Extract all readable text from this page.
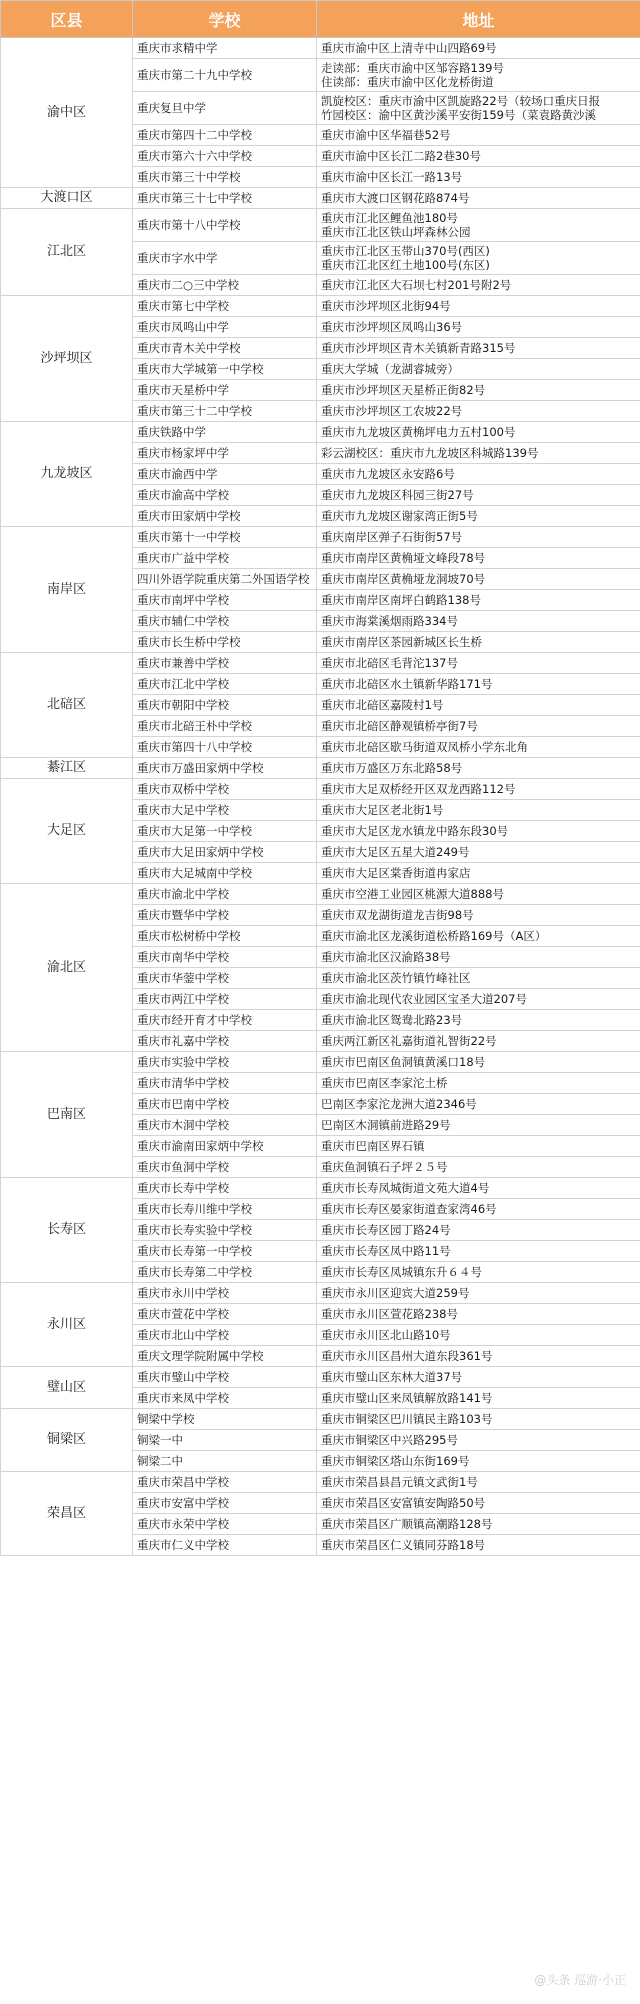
区县	学校	地址
渝中区	重庆市求精中学	重庆市渝中区上清寺中山四路69号

	重庆市第二十九中学校	走读部：重庆市渝中区邹容路139号
住读部：重庆市渝中区化龙桥街道

	重庆复旦中学	凯旋校区：重庆市渝中区凯旋路22号（较场口重庆日报
竹园校区：渝中区黄沙溪平安街159号（菜袁路黄沙溪

	重庆市第四十二中学校	重庆市渝中区华福巷52号

	重庆市第六十六中学校	重庆市渝中区长江二路2巷30号

	重庆市第三十中学校	重庆市渝中区长江一路13号

大渡口区	重庆市第三十七中学校	重庆市大渡口区钢花路874号

江北区	重庆市第十八中学校	重庆市江北区鲤鱼池180号
重庆市江北区铁山坪森林公园

	重庆市字水中学	重庆市江北区玉带山370号(西区)
重庆市江北区红土地100号(东区)

	重庆市二○三中学校	重庆市江北区大石坝七村201号附2号

沙坪坝区	重庆市第七中学校	重庆市沙坪坝区北街94号

	重庆市凤鸣山中学	重庆市沙坪坝区凤鸣山36号

	重庆市青木关中学校	重庆市沙坪坝区青木关镇新青路315号

	重庆市大学城第一中学校	重庆大学城（龙湖睿城旁）

	重庆市天星桥中学	重庆市沙坪坝区天星桥正街82号

	重庆市第三十二中学校	重庆市沙坪坝区工农坡22号

九龙坡区	重庆铁路中学	重庆市九龙坡区黄桷坪电力五村100号

	重庆市杨家坪中学	彩云湖校区：重庆市九龙坡区科城路139号

	重庆市渝西中学	重庆市九龙坡区永安路6号

	重庆市渝高中学校	重庆市九龙坡区科园三街27号

	重庆市田家炳中学校	重庆市九龙坡区谢家湾正街5号

南岸区	重庆市第十一中学校	重庆南岸区弹子石街街57号

	重庆市广益中学校	重庆市南岸区黄桷垭文峰段78号

	四川外语学院重庆第二外国语学校	重庆市南岸区黄桷垭龙洞坡70号

	重庆市南坪中学校	重庆市南岸区南坪白鹤路138号

	重庆市辅仁中学校	重庆市海棠溪烟雨路334号

	重庆市长生桥中学校	重庆市南岸区茶园新城区长生桥

北碚区	重庆市兼善中学校	重庆市北碚区毛背沱137号

	重庆市江北中学校	重庆市北碚区水土镇新华路171号

	重庆市朝阳中学校	重庆市北碚区嘉陵村1号

	重庆市北碚王朴中学校	重庆市北碚区静观镇桥亭街7号

	重庆市第四十八中学校	重庆市北碚区歇马街道双凤桥小学东北角

綦江区	重庆市万盛田家炳中学校	重庆市万盛区万东北路58号

大足区	重庆市双桥中学校	重庆市大足双桥经开区双龙西路112号

	重庆市大足中学校	重庆市大足区老北街1号

	重庆市大足第一中学校	重庆市大足区龙水镇龙中路东段30号

	重庆市大足田家炳中学校	重庆市大足区五星大道249号

	重庆市大足城南中学校	重庆市大足区棠香街道冉家店

渝北区	重庆市渝北中学校	重庆市空港工业园区桃源大道888号

	重庆市暨华中学校	重庆市双龙湖街道龙吉街98号

	重庆市松树桥中学校	重庆市渝北区龙溪街道松桥路169号（A区）

	重庆市南华中学校	重庆市渝北区汉渝路38号

	重庆市华蓥中学校	重庆市渝北区茨竹镇竹峰社区

	重庆市两江中学校	重庆市渝北现代农业园区宝圣大道207号

	重庆市经开育才中学校	重庆市渝北区鸳鸯北路23号

	重庆市礼嘉中学校	重庆两江新区礼嘉街道礼智街22号

巴南区	重庆市实验中学校	重庆市巴南区鱼洞镇黄溪口18号

	重庆市清华中学校	重庆市巴南区李家沱土桥

	重庆市巴南中学校	巴南区李家沱龙洲大道2346号

	重庆市木洞中学校	巴南区木洞镇前进路29号

	重庆市渝南田家炳中学校	重庆市巴南区界石镇

	重庆市鱼洞中学校	重庆鱼洞镇石子坪２５号

长寿区	重庆市长寿中学校	重庆市长寿凤城街道文苑大道4号

	重庆市长寿川维中学校	重庆市长寿区晏家街道查家湾46号

	重庆市长寿实验中学校	重庆市长寿区园丁路24号

	重庆市长寿第一中学校	重庆市长寿区凤中路11号

	重庆市长寿第二中学校	重庆市长寿区凤城镇东升６４号

永川区	重庆市永川中学校	重庆市永川区迎宾大道259号

	重庆市萱花中学校	重庆市永川区萱花路238号

	重庆市北山中学校	重庆市永川区北山路10号

	重庆文理学院附属中学校	重庆市永川区昌州大道东段361号

璧山区	重庆市璧山中学校	重庆市璧山区东林大道37号

	重庆市来凤中学校	重庆市璧山区来凤镇解放路141号

铜梁区	铜梁中学校	重庆市铜梁区巴川镇民主路103号

	铜梁一中	重庆市铜梁区中兴路295号

	铜梁二中	重庆市铜梁区塔山东街169号

荣昌区	重庆市荣昌中学校	重庆市荣昌县昌元镇文武街1号

	重庆市安富中学校	重庆市荣昌区安富镇安陶路50号

	重庆市永荣中学校	重庆市荣昌区广顺镇高潮路128号

	重庆市仁义中学校	重庆市荣昌区仁义镇同芬路18号
@头条 巡游·小正
